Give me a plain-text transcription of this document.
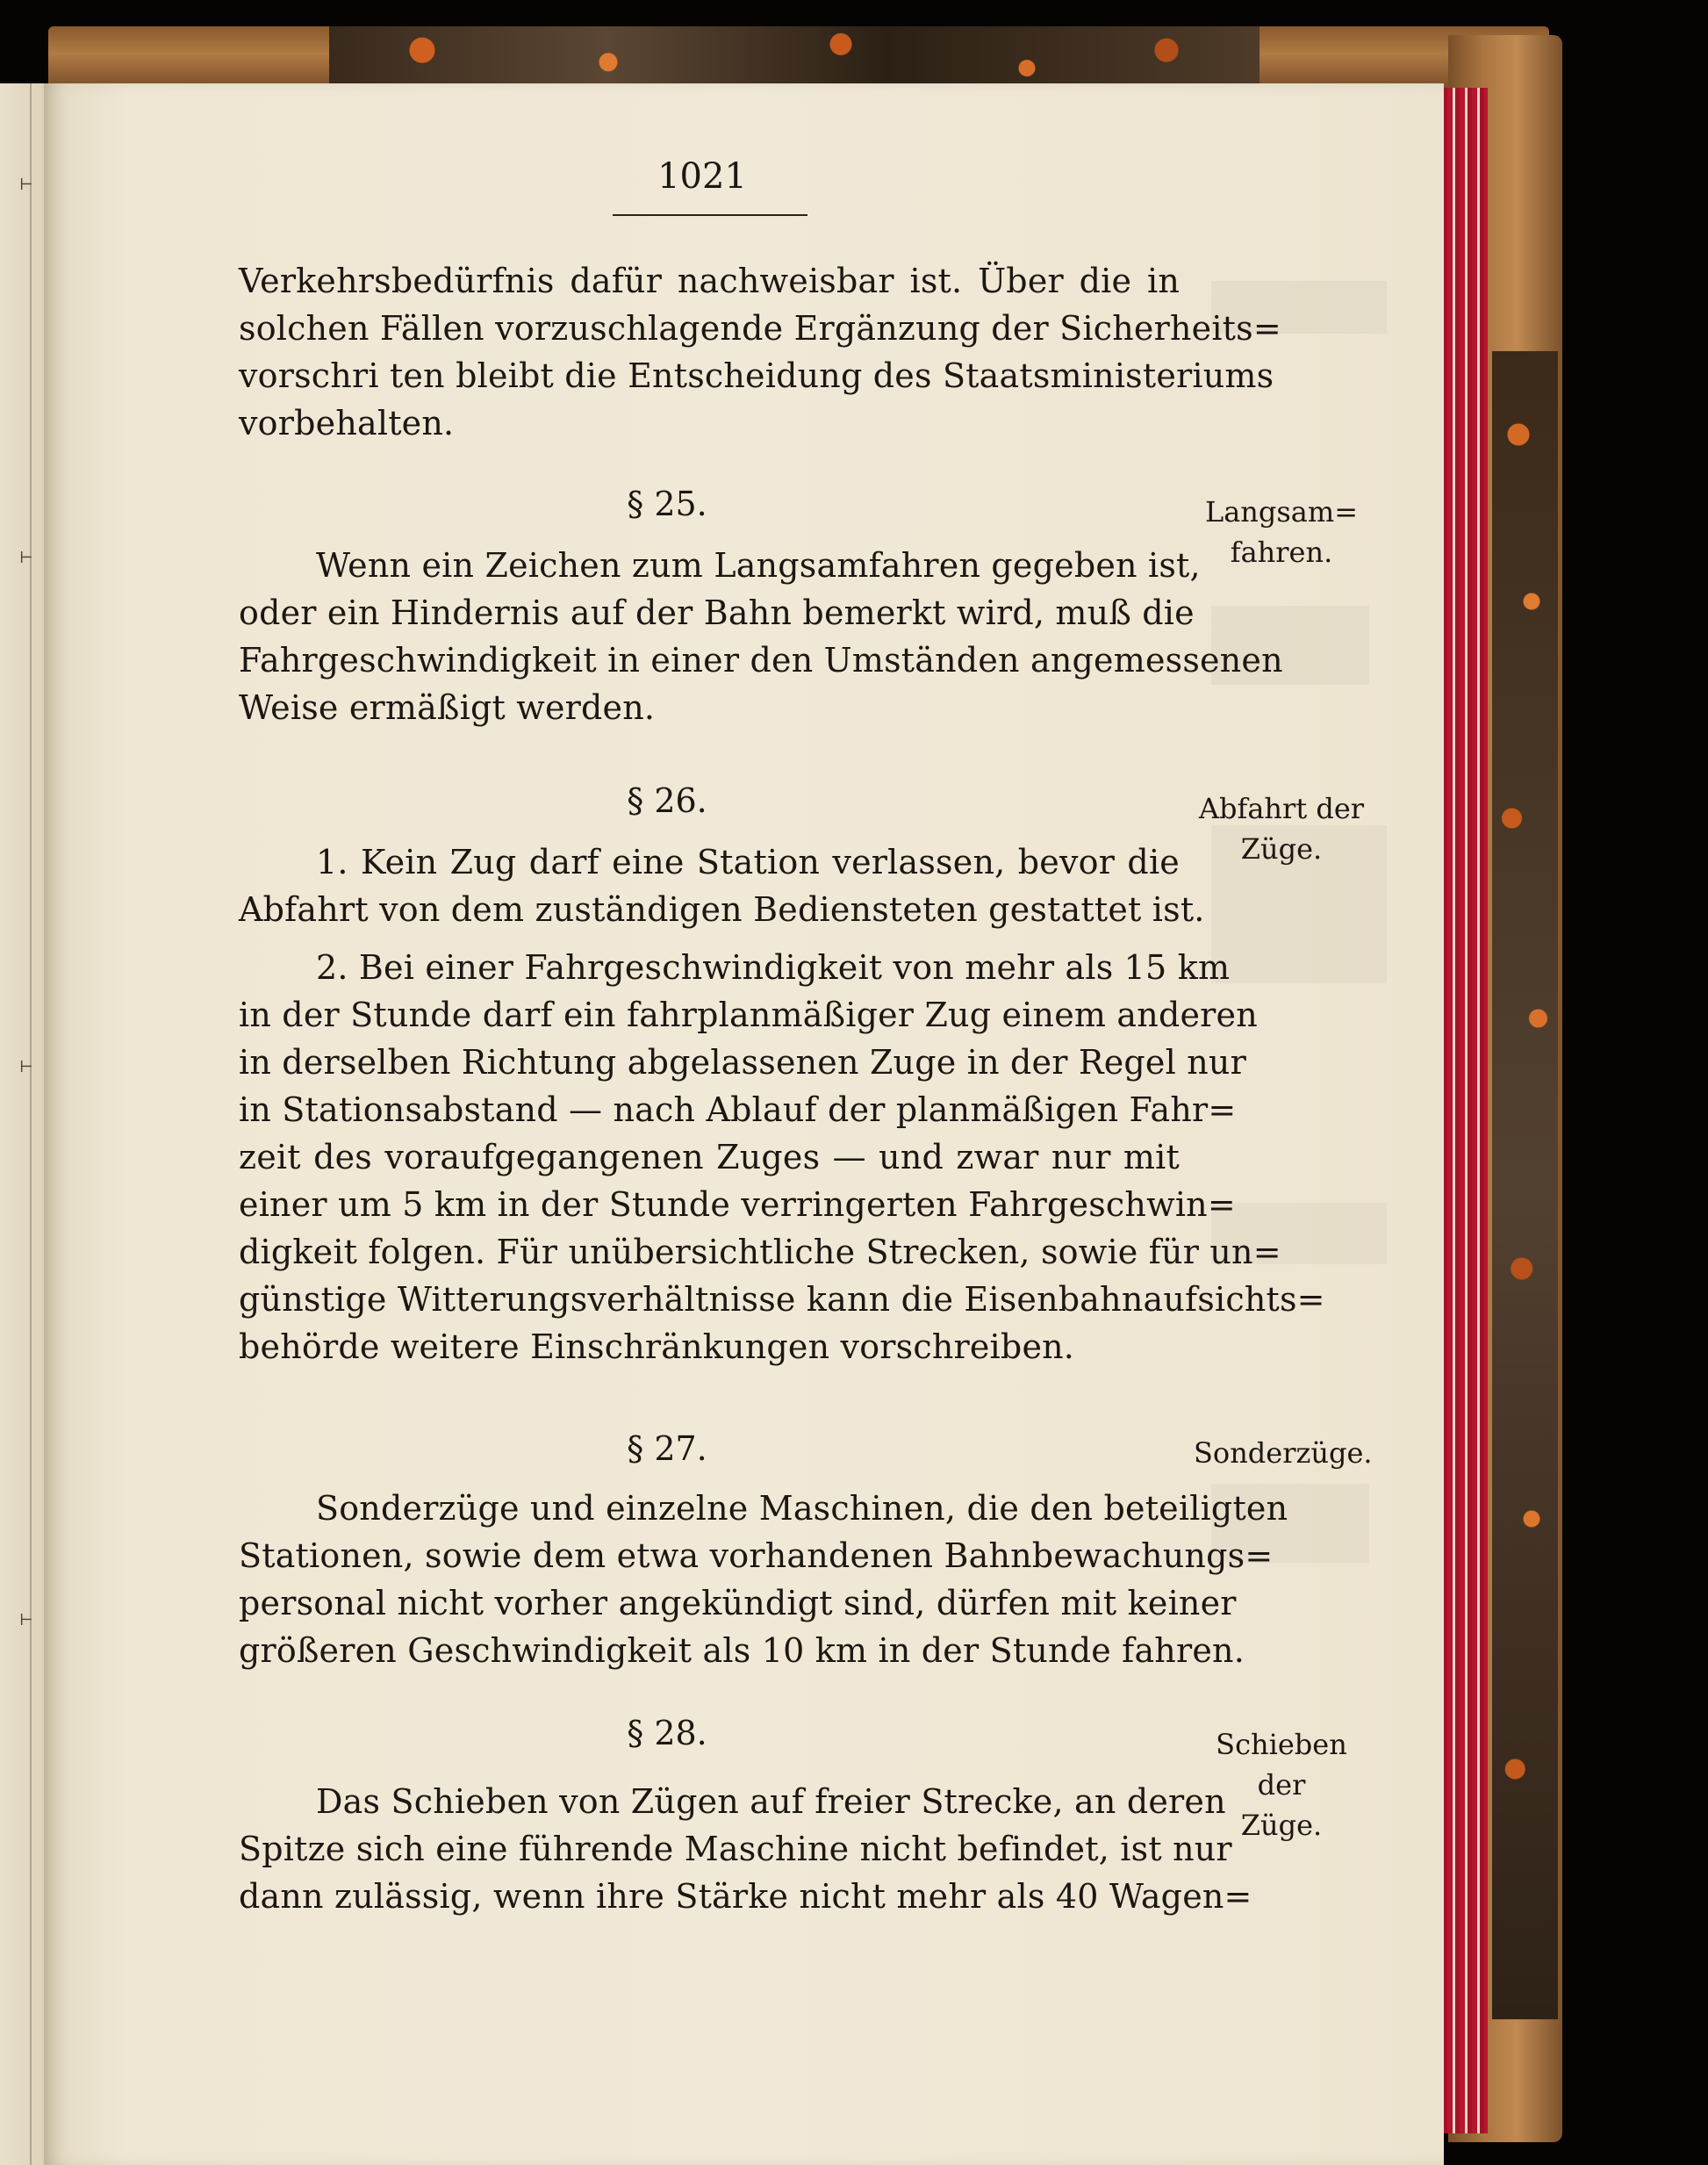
⊢
⊢
⊢
⊢
1021
Verkehrsbedürfnis dafür nachweisbar ist. Über die in
solchen Fällen vorzuschlagende Ergänzung der Sicherheits=
vorschri ten bleibt die Entscheidung des Staatsministeriums
vorbehalten.
§ 25.
Wenn ein Zeichen zum Langsamfahren gegeben ist,
oder ein Hindernis auf der Bahn bemerkt wird, muß die
Fahrgeschwindigkeit in einer den Umständen angemessenen
Weise ermäßigt werden.
Langsam=
fahren.
§ 26.
1. Kein Zug darf eine Station verlassen, bevor die
Abfahrt von dem zuständigen Bediensteten gestattet ist.
2. Bei einer Fahrgeschwindigkeit von mehr als 15 km
in der Stunde darf ein fahrplanmäßiger Zug einem anderen
in derselben Richtung abgelassenen Zuge in der Regel nur
in Stationsabstand — nach Ablauf der planmäßigen Fahr=
zeit des voraufgegangenen Zuges — und zwar nur mit
einer um 5 km in der Stunde verringerten Fahrgeschwin=
digkeit folgen. Für unübersichtliche Strecken, sowie für un=
günstige Witterungsverhältnisse kann die Eisenbahnaufsichts=
behörde weitere Einschränkungen vorschreiben.
Abfahrt der
Züge.
§ 27.
Sonderzüge und einzelne Maschinen, die den beteiligten
Stationen, sowie dem etwa vorhandenen Bahnbewachungs=
personal nicht vorher angekündigt sind, dürfen mit keiner
größeren Geschwindigkeit als 10 km in der Stunde fahren.
Sonderzüge.
§ 28.
Das Schieben von Zügen auf freier Strecke, an deren
Spitze sich eine führende Maschine nicht befindet, ist nur
dann zulässig, wenn ihre Stärke nicht mehr als 40 Wagen=
Schieben der
Züge.
